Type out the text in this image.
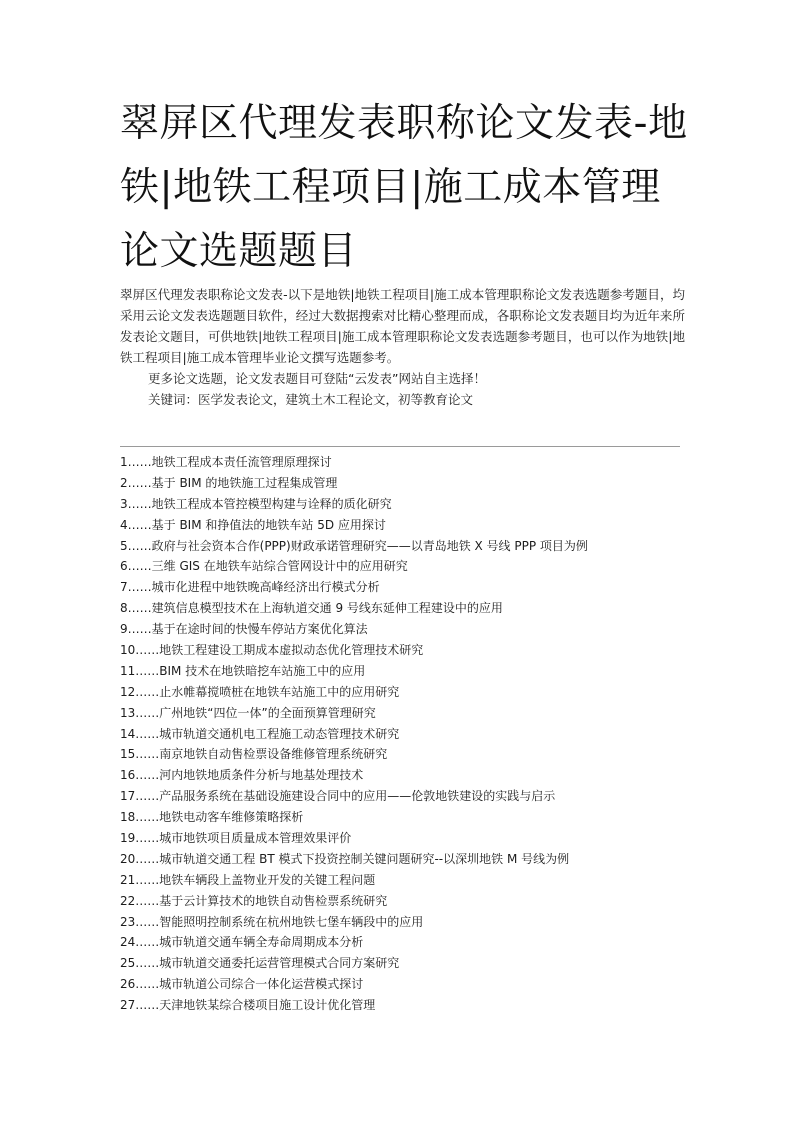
翠屏区代理发表职称论文发表-地铁|地铁工程项目|施工成本管理论文选题题目

翠屏区代理发表职称论文发表-以下是地铁|地铁工程项目|施工成本管理职称论文发表选题参考题目，均采用云论文发表选题题目软件，经过大数据搜索对比精心整理而成，各职称论文发表题目均为近年来所发表论文题目，可供地铁|地铁工程项目|施工成本管理职称论文发表选题参考题目，也可以作为地铁|地铁工程项目|施工成本管理毕业论文撰写选题参考。

更多论文选题，论文发表题目可登陆“云发表”网站自主选择！

关键词：医学发表论文，建筑土木工程论文，初等教育论文

1……地铁工程成本责任流管理原理探讨
2……基于 BIM 的地铁施工过程集成管理
3……地铁工程成本管控模型构建与诠释的质化研究
4……基于 BIM 和挣值法的地铁车站 5D 应用探讨
5……政府与社会资本合作(PPP)财政承诺管理研究——以青岛地铁 X 号线 PPP 项目为例
6……三维 GIS 在地铁车站综合管网设计中的应用研究
7……城市化进程中地铁晚高峰经济出行模式分析
8……建筑信息模型技术在上海轨道交通 9 号线东延伸工程建设中的应用
9……基于在途时间的快慢车停站方案优化算法
10……地铁工程建设工期成本虚拟动态优化管理技术研究
11……BIM 技术在地铁暗挖车站施工中的应用
12……止水帷幕搅喷桩在地铁车站施工中的应用研究
13……广州地铁“四位一体”的全面预算管理研究
14……城市轨道交通机电工程施工动态管理技术研究
15……南京地铁自动售检票设备维修管理系统研究
16……河内地铁地质条件分析与地基处理技术
17……产品服务系统在基础设施建设合同中的应用——伦敦地铁建设的实践与启示
18……地铁电动客车维修策略探析
19……城市地铁项目质量成本管理效果评价
20……城市轨道交通工程 BT 模式下投资控制关键问题研究--以深圳地铁 M 号线为例
21……地铁车辆段上盖物业开发的关键工程问题
22……基于云计算技术的地铁自动售检票系统研究
23……智能照明控制系统在杭州地铁七堡车辆段中的应用
24……城市轨道交通车辆全寿命周期成本分析
25……城市轨道交通委托运营管理模式合同方案研究
26……城市轨道公司综合一体化运营模式探讨
27……天津地铁某综合楼项目施工设计优化管理
